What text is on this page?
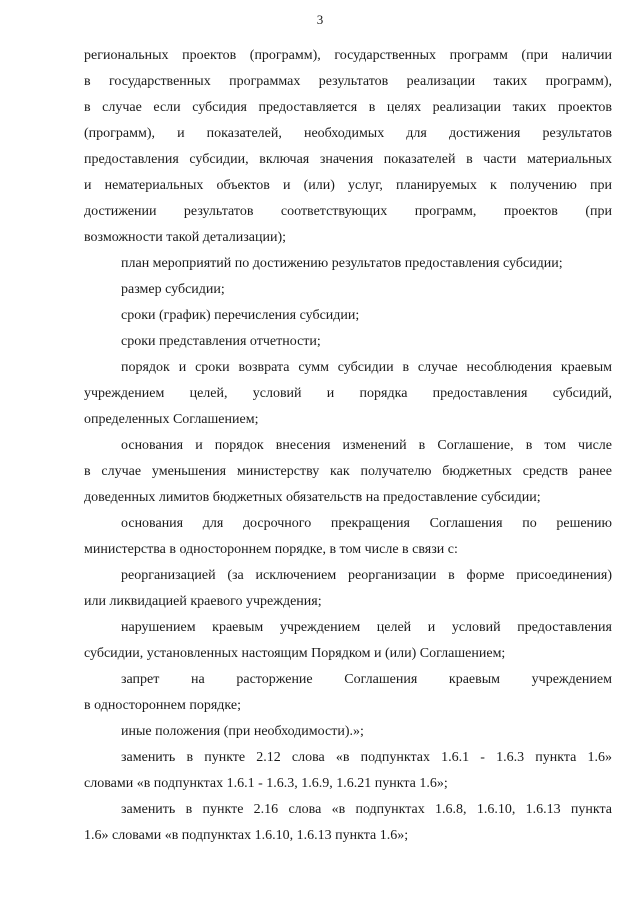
3
региональных проектов (программ), государственных программ (при наличии
в государственных программах результатов реализации таких программ),
в случае если субсидия предоставляется в целях реализации таких проектов
(программ), и показателей, необходимых для достижения результатов
предоставления субсидии, включая значения показателей в части материальных
и нематериальных объектов и (или) услуг, планируемых к получению при
достижении результатов соответствующих программ, проектов (при
возможности такой детализации);
план мероприятий по достижению результатов предоставления субсидии;
размер субсидии;
сроки (график) перечисления субсидии;
сроки представления отчетности;
порядок и сроки возврата сумм субсидии в случае несоблюдения краевым
учреждением целей, условий и порядка предоставления субсидий,
определенных Соглашением;
основания и порядок внесения изменений в Соглашение, в том числе
в случае уменьшения министерству как получателю бюджетных средств ранее
доведенных лимитов бюджетных обязательств на предоставление субсидии;
основания для досрочного прекращения Соглашения по решению
министерства в одностороннем порядке, в том числе в связи с:
реорганизацией (за исключением реорганизации в форме присоединения)
или ликвидацией краевого учреждения;
нарушением краевым учреждением целей и условий предоставления
субсидии, установленных настоящим Порядком и (или) Соглашением;
запрет на расторжение Соглашения краевым учреждением
в одностороннем порядке;
иные положения (при необходимости).»;
заменить в пункте 2.12 слова «в подпунктах 1.6.1 - 1.6.3 пункта 1.6»
словами «в подпунктах 1.6.1 - 1.6.3, 1.6.9, 1.6.21 пункта 1.6»;
заменить в пункте 2.16 слова «в подпунктах 1.6.8, 1.6.10, 1.6.13 пункта
1.6» словами «в подпунктах 1.6.10, 1.6.13 пункта 1.6»;
